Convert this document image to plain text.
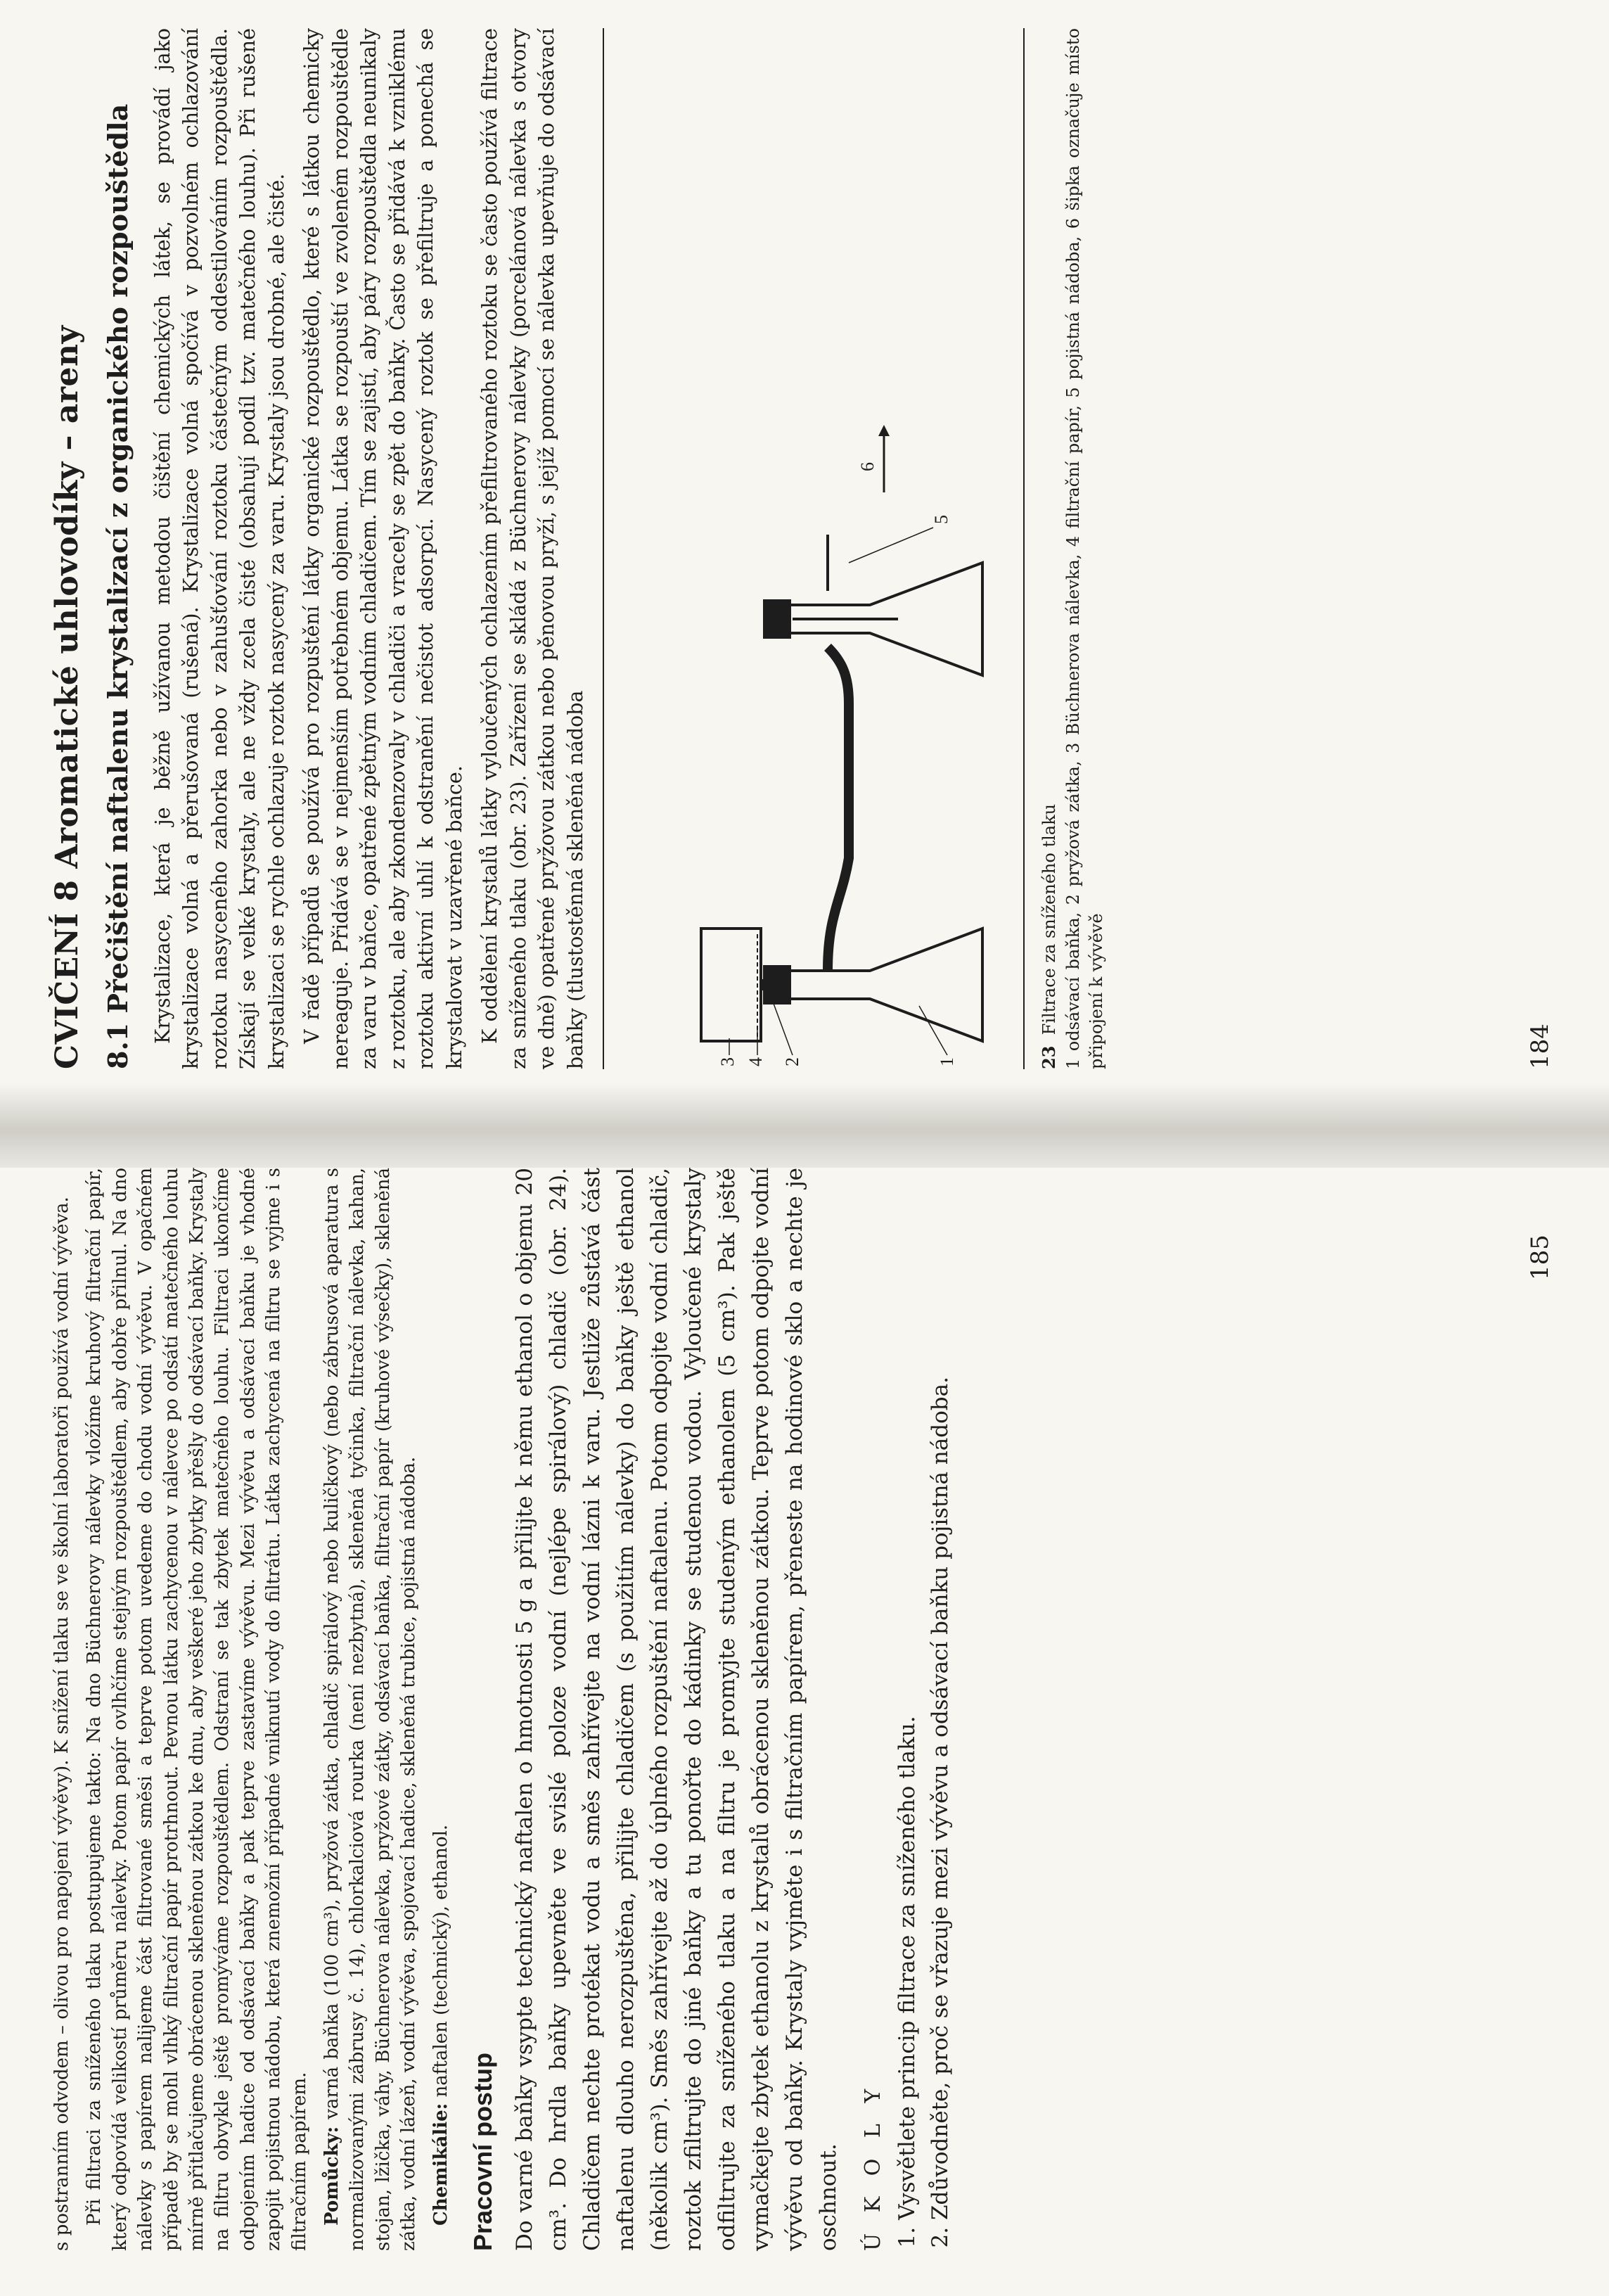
CVIČENÍ 8 Aromatické uhlovodíky – areny 8.1 Přečištění naftalenu krystalizací z organického rozpouštědla Krystalizace, která je běžně užívanou metodou čištění chemických látek, se provádí jako krystalizace volná a přerušovaná (rušená). Krystalizace volná spočívá v pozvolném ochlazování roztoku nasyceného zahorka nebo v zahušťování roztoku částečným oddestilováním rozpouštědla. Získají se velké krystaly, ale ne vždy zcela čisté (obsahují podíl tzv. matečného louhu). Při rušené krystalizaci se rychle ochlazuje roztok nasycený za varu. Krystaly jsou drobné, ale čisté. V řadě případů se používá pro rozpuštění látky organické rozpouštědlo, které s látkou chemicky nereaguje. Přidává se v nejmenším potřebném objemu. Látka se rozpouští ve zvoleném rozpouštědle za varu v baňce, opatřené zpětným vodním chladičem. Tím se zajistí, aby páry rozpouštědla neunikaly z roztoku, ale aby zkondenzovaly v chladiči a vracely se zpět do baňky. Často se přidává k vzniklému roztoku aktivní uhlí k odstranění nečistot adsorpcí. Nasycený roztok se přefiltruje a ponechá se krystalovat v uzavřené baňce. K oddělení krystalů látky vyloučených ochlazením přefiltrovaného roztoku se často používá filtrace za sníženého tlaku (obr. 23). Zařízení se skládá z Büchnerovy nálevky (porcelánová nálevka s otvory ve dně) opatřené pryžovou zátkou nebo pěnovou pryží, s jejíž pomocí se nálevka upevňuje do odsávací baňky (tlustostěnná skleněná nádoba	1
2
3 4
5
6

23  Filtrace za sníženého tlaku 1 odsávací baňka, 2 pryžová zátka, 3 Büchnerova nálevka, 4 filtrační papír, 5 pojistná nádoba, 6 šipka označuje místo připojení k vývěvě	184

s postranním odvodem – olivou pro napojení vývěvy). K snížení tlaku se ve školní laboratoři používá vodní vývěva. Při filtraci za sníženého tlaku postupujeme takto: Na dno Büchnerovy nálevky vložíme kruhový filtrační papír, který odpovídá velikostí průměru nálevky. Potom papír ovlhčíme stejným rozpouštědlem, aby dobře přilnul. Na dno nálevky s papírem nalijeme část filtrované směsi a teprve potom uvedeme do chodu vodní vývěvu. V opačném případě by se mohl vlhký filtrační papír protrhnout. Pevnou látku zachycenou v nálevce po odsátí matečného louhu mírně přitlačujeme obrácenou skleněnou zátkou ke dnu, aby veškeré jeho zbytky přešly do odsávací baňky. Krystaly na filtru obvykle ještě promýváme rozpouštědlem. Odstraní se tak zbytek matečného louhu. Filtraci ukončíme odpojením hadice od odsávací baňky a pak teprve zastavíme vývěvu. Mezi vývěvu a odsávací baňku je vhodné zapojit pojistnou nádobu, která znemožní případné vniknutí vody do filtrátu. Látka zachycená na filtru se vyjme i s filtračním papírem. Pomůcky: varná baňka (100 cm³), pryžová zátka, chladič spirálový nebo kuličkový (nebo zábrusová aparatura s normalizovanými zábrusy č. 14), chlorkalciová rourka (není nezbytná), skleněná tyčinka, filtrační nálevka, kahan, stojan, lžička, váhy, Büchnerova nálevka, pryžové zátky, odsávací baňka, filtrační papír (kruhové výsečky), skleněná zátka, vodní lázeň, vodní vývěva, spojovací hadice, skleněná trubice, pojistná nádoba. Chemikálie: naftalen (technický), ethanol.

Pracovní postup Do varné baňky vsypte technický naftalen o hmotnosti 5 g a přilijte k němu ethanol o objemu 20 cm³. Do hrdla baňky upevněte ve svislé poloze vodní (nejlépe spirálový) chladič (obr. 24). Chladičem nechte protékat vodu a směs zahřívejte na vodní lázni k varu. Jestliže zůstává část naftalenu dlouho nerozpuštěna, přilijte chladičem (s použitím nálevky) do baňky ještě ethanol (několik cm³). Směs zahřívejte až do úplného rozpuštění naftalenu. Potom odpojte vodní chladič, roztok zfiltrujte do jiné baňky a tu ponořte do kádinky se studenou vodou. Vyloučené krystaly odfiltrujte za sníženého tlaku a na filtru je promyjte studeným ethanolem (5 cm³). Pak ještě vymačkejte zbytek ethanolu z krystalů obrácenou skleněnou zátkou. Teprve potom odpojte vodní vývěvu od baňky. Krystaly vyjměte i s filtračním papírem, přeneste na hodinové sklo a nechte je oschnout. Ú K O L Y 1. Vysvětlete princip filtrace za sníženého tlaku. 2. Zdůvodněte, proč se vřazuje mezi vývěvu a odsávací baňku pojistná nádoba.
185
